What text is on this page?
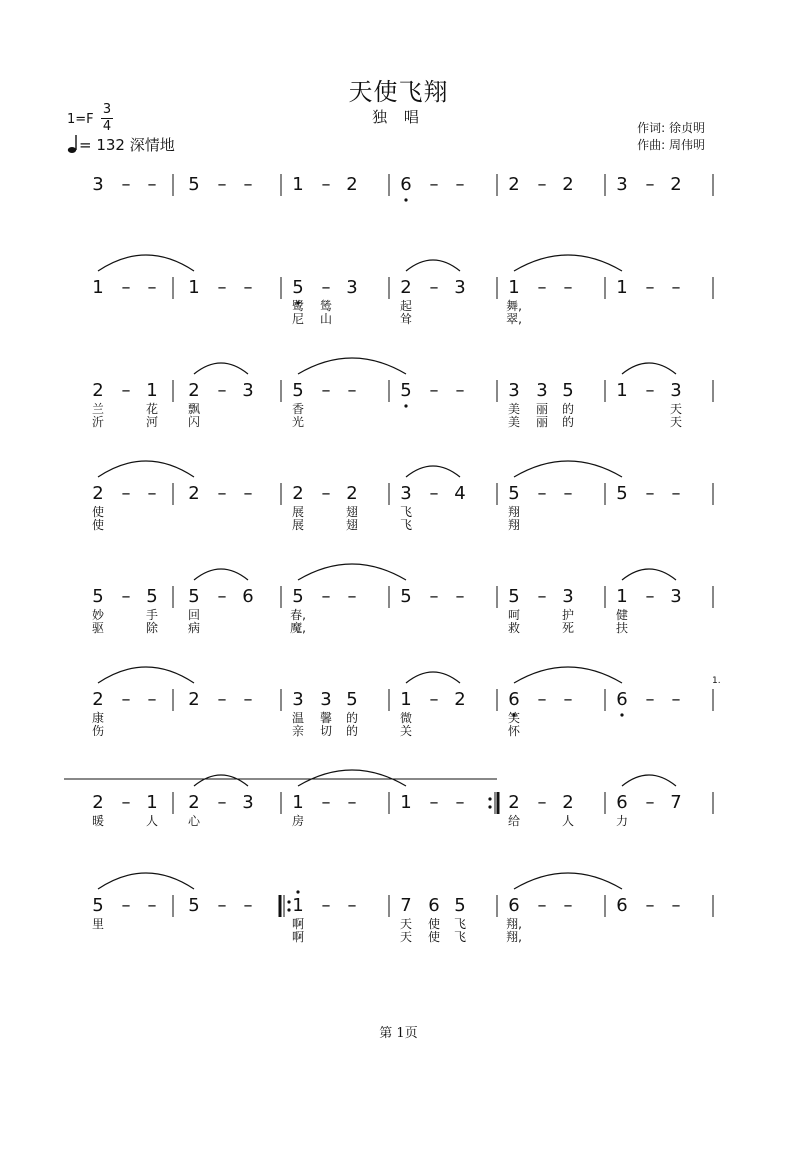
天使飞翔
独 唱
1=F
3
4
= 132 深情地
作词: 徐贞明
作曲: 周伟明
1.
第 1页
3 – – 5 – – 1 – 2 6 – – 2 – 2 3 – 2
1 – – 1 – – 5 – 3 2 – 3 1 – – 1 – –
鹭 鸶	起	舞,
尼 山	耸	翠,
2 – 1 2 – 3 5 – – 5 – – 3 3 5 1 – 3
兰	花 飘	香	美 丽 的	天
沂	河 闪	光	美 丽 的	天
2 – – 2 – – 2 – 2 3 – 4 5 – – 5 – –
使	展	翅	飞	翔
使	展	翅	飞	翔
5 – 5 5 – 6 5 – – 5 – – 5 – 3 1 – 3
妙	手 回	春,	呵	护	健
驱	除 病	魔,	救	死	扶
2 – – 2 – – 3 3 5 1 – 2 6 – – 6 – –
康	温 馨 的	微	笑
伤	亲 切 的	关	怀
2 – 1 2 – 3 1 – – 1 – – 2 – 2 6 – 7
暖	人 心	房	给	人	力
5 – – 5 – – 1 – – 7 6 5 6 – – 6 – –
里	啊	天 使 飞	翔,
啊	天 使 飞	翔,
